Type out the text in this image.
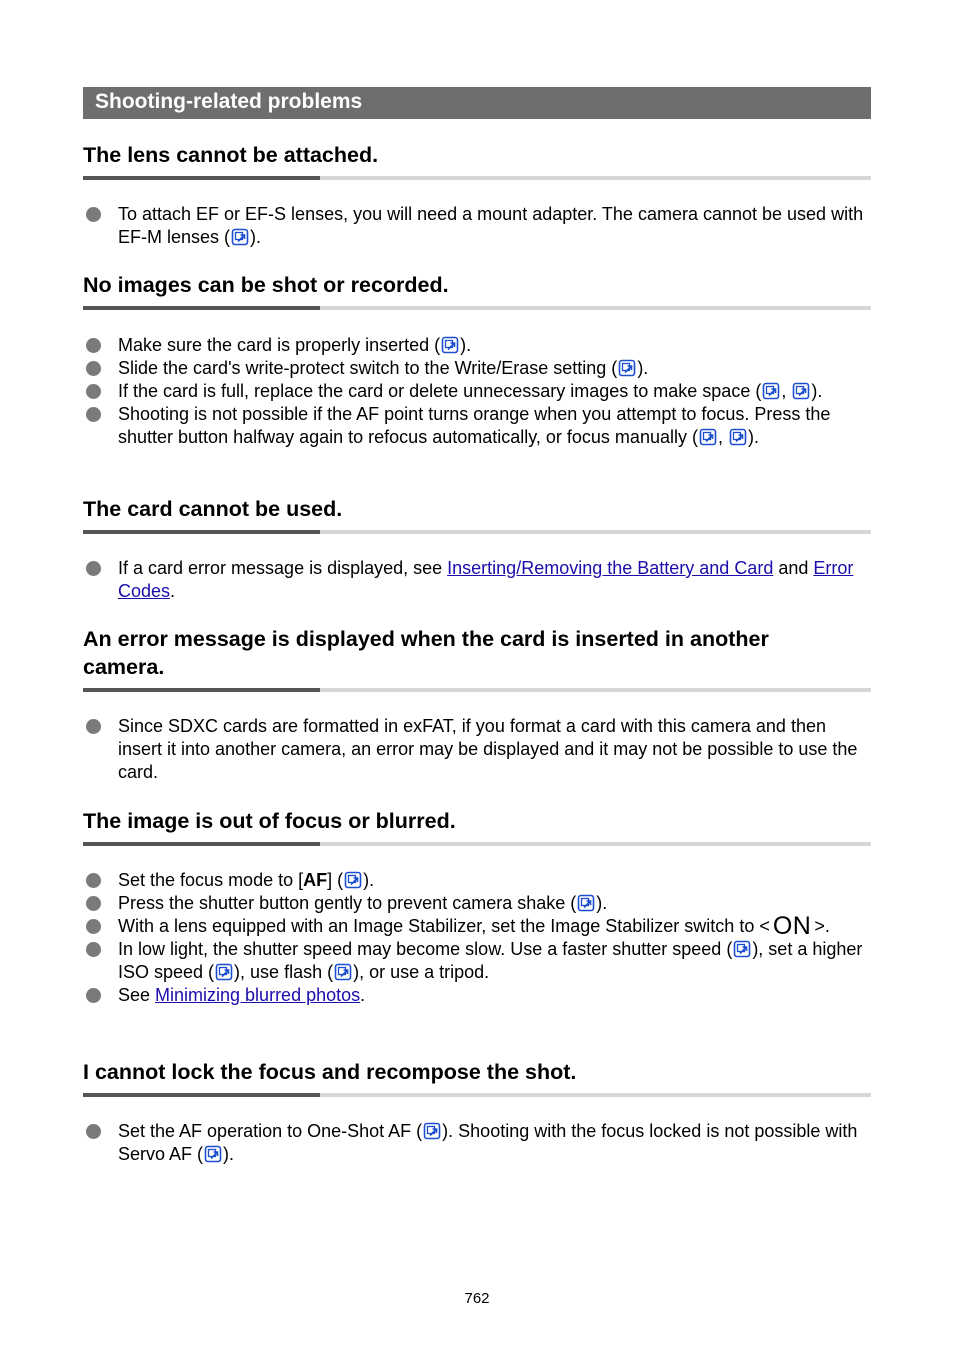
Shooting-related problems
The lens cannot be attached.
To attach EF or EF-S lenses, you will need a mount adapter. The camera cannot be used with EF-M lenses ( ).
No images can be shot or recorded.
Make sure the card is properly inserted ( ).
Slide the card's write-protect switch to the Write/Erase setting ( ).
If the card is full, replace the card or delete unnecessary images to make space ( ,
).
Shooting is not possible if the AF point turns orange when you attempt to focus. Press the shutter button halfway again to refocus automatically, or focus manually ( ,
).
The card cannot be used.
If a card error message is displayed, see Inserting/Removing the Battery and Card and Error Codes.
An error message is displayed when the card is inserted in another camera.
Since SDXC cards are formatted in exFAT, if you format a card with this camera and then insert it into another camera, an error may be displayed and it may not be possible to use the card.
The image is out of focus or blurred.
Set the focus mode to [AF] ( ).
Press the shutter button gently to prevent camera shake ( ).
With a lens equipped with an Image Stabilizer, set the Image Stabilizer switch to < ON >.
In low light, the shutter speed may become slow. Use a faster shutter speed ( ), set a higher ISO speed ( ), use flash ( ), or use a tripod.
See Minimizing blurred photos.
I cannot lock the focus and recompose the shot.
Set the AF operation to One-Shot AF ( ). Shooting with the focus locked is not possible with Servo AF ( ).
762
